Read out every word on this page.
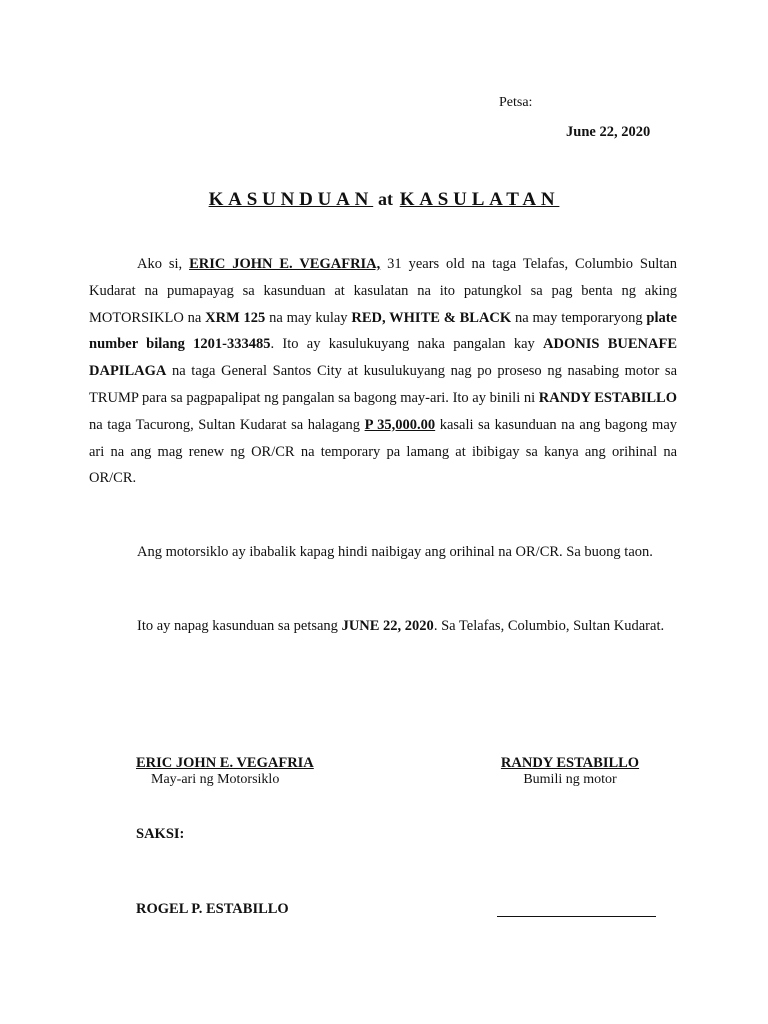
Petsa:
June 22, 2020
KASUNDUAN at KASULATAN

Ako si, ERIC JOHN E. VEGAFRIA, 31 years old na taga Telafas, Columbio Sultan Kudarat na pumapayag sa kasunduan at kasulatan na ito patungkol sa pag benta ng aking MOTORSIKLO na XRM 125 na may kulay RED, WHITE & BLACK na may temporaryong plate number bilang 1201-333485. Ito ay kasulukuyang naka pangalan kay ADONIS BUENAFE DAPILAGA na taga General Santos City at kusulukuyang nag po proseso ng nasabing motor sa TRUMP para sa pagpapalipat ng pangalan sa bagong may-ari. Ito ay binili ni RANDY ESTABILLO na taga Tacurong, Sultan Kudarat sa halagang P 35,000.00 kasali sa kasunduan na ang bagong may ari na ang mag renew ng OR/CR na temporary pa lamang at ibibigay sa kanya ang orihinal na OR/CR.

Ang motorsiklo ay ibabalik kapag hindi naibigay ang orihinal na OR/CR. Sa buong taon.

Ito ay napag kasunduan sa petsang JUNE 22, 2020. Sa Telafas, Columbio, Sultan Kudarat.

ERIC JOHN E. VEGAFRIA
May-ari ng Motorsiklo
RANDY ESTABILLO
Bumili ng motor
SAKSI:
ROGEL P. ESTABILLO
